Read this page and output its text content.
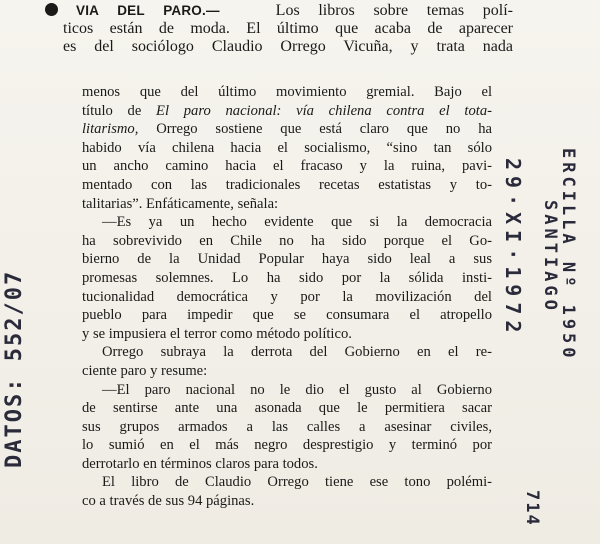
VIA DEL PARO.—	Los libros sobre temas polí-
ticos están de moda. El último que acaba de aparecer
es del sociólogo Claudio Orrego Vicuña, y trata nada
menos que del último movimiento gremial. Bajo el
título de El paro nacional: vía chilena contra el tota-
litarismo, Orrego sostiene que está claro que no ha
habido vía chilena hacia el socialismo, “sino tan sólo
un ancho camino hacia el fracaso y la ruina, pavi-
mentado con las tradicionales recetas estatistas y to-
talitarias”. Enfáticamente, señala:
—Es ya un hecho evidente que si la democracia
ha sobrevivido en Chile no ha sido porque el Go-
bierno de la Unidad Popular haya sido leal a sus
promesas solemnes. Lo ha sido por la sólida insti-
tucionalidad democrática y por la movilización del
pueblo para impedir que se consumara el atropello
y se impusiera el terror como método político.
Orrego subraya la derrota del Gobierno en el re-
ciente paro y resume:
—El paro nacional no le dio el gusto al Gobierno
de sentirse ante una asonada que le permitiera sacar
sus grupos armados a las calles a asesinar civiles,
lo sumió en el más negro desprestigio y terminó por
derrotarlo en términos claros para todos.
El libro de Claudio Orrego tiene ese tono polémi-
co a través de sus 94 páginas.
DATOS: 552/07
29·XI·1972 ERCILLA Nº 1950
SANTIAGO
714
